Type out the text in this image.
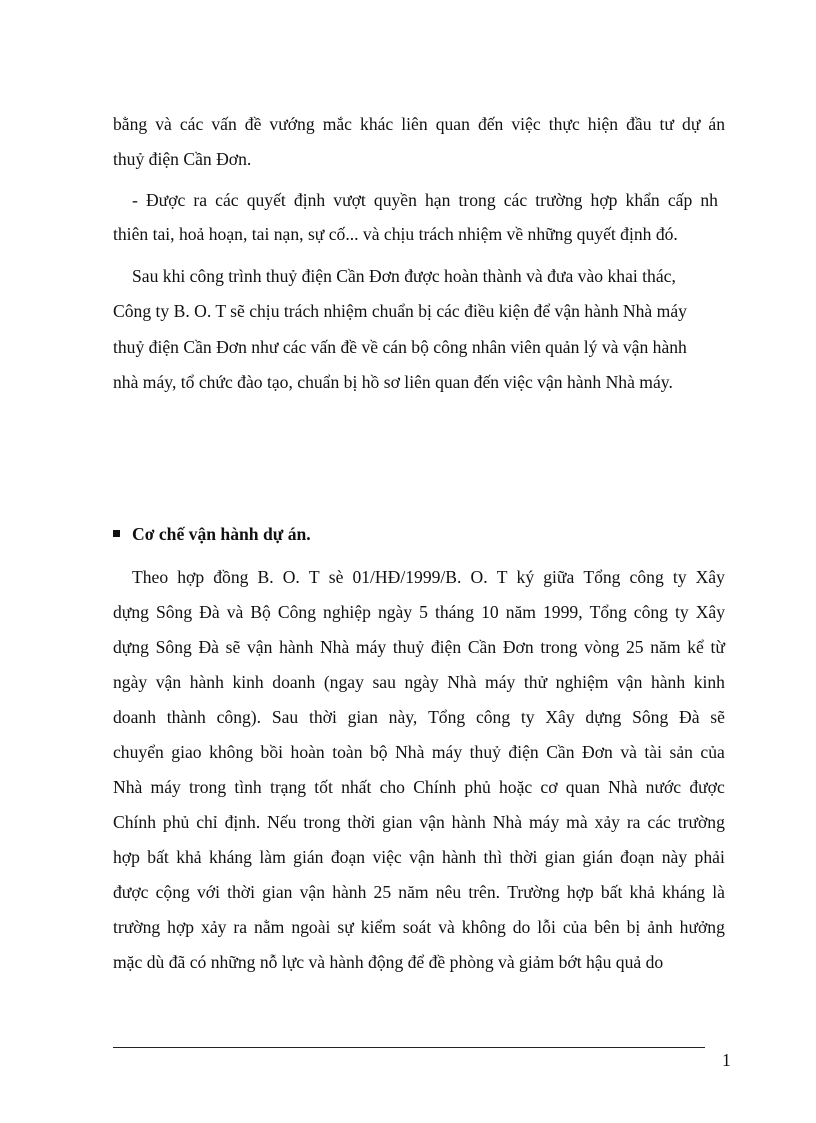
bằng và các vấn đề vướng mắc khác liên quan đến việc thực hiện đầu tư dự án
thuỷ điện Cần Đơn.
- Được ra các quyết định vượt quyền hạn trong các trường hợp khẩn cấp nh
thiên tai, hoả hoạn, tai nạn, sự cố... và chịu trách nhiệm về những quyết định đó.
Sau khi công trình thuỷ điện Cần Đơn được hoàn thành và đưa vào khai thác,
Công ty B. O. T sẽ chịu trách nhiệm chuẩn bị các điều kiện để vận hành Nhà máy
thuỷ điện Cần Đơn như các vấn đề về cán bộ công nhân viên quản lý và vận hành
nhà máy, tổ chức đào tạo, chuẩn bị hồ sơ liên quan đến việc vận hành Nhà máy.
Cơ chế vận hành dự án.
Theo hợp đồng B. O. T sè 01/HĐ/1999/B. O. T ký giữa Tổng công ty Xây
dựng Sông Đà và Bộ Công nghiệp ngày 5 tháng 10 năm 1999, Tổng công ty Xây
dựng Sông Đà sẽ vận hành Nhà máy thuỷ điện Cần Đơn trong vòng 25 năm kể từ
ngày vận hành kinh doanh (ngay sau ngày Nhà máy thử nghiệm vận hành kinh
doanh thành công). Sau thời gian này, Tổng công ty Xây dựng Sông Đà sẽ
chuyển giao không bồi hoàn toàn bộ Nhà máy thuỷ điện Cần Đơn và tài sản của
Nhà máy trong tình trạng tốt nhất cho Chính phủ hoặc cơ quan Nhà nước được
Chính phủ chỉ định. Nếu trong thời gian vận hành Nhà máy mà xảy ra các trường
hợp bất khả kháng làm gián đoạn việc vận hành thì thời gian gián đoạn này phải
được cộng với thời gian vận hành 25 năm nêu trên. Trường hợp bất khả kháng là
trường hợp xảy ra nằm ngoài sự kiểm soát và không do lỗi của bên bị ảnh hưởng
mặc dù đã có những nỗ lực và hành động để đề phòng và giảm bớt hậu quả do
1
